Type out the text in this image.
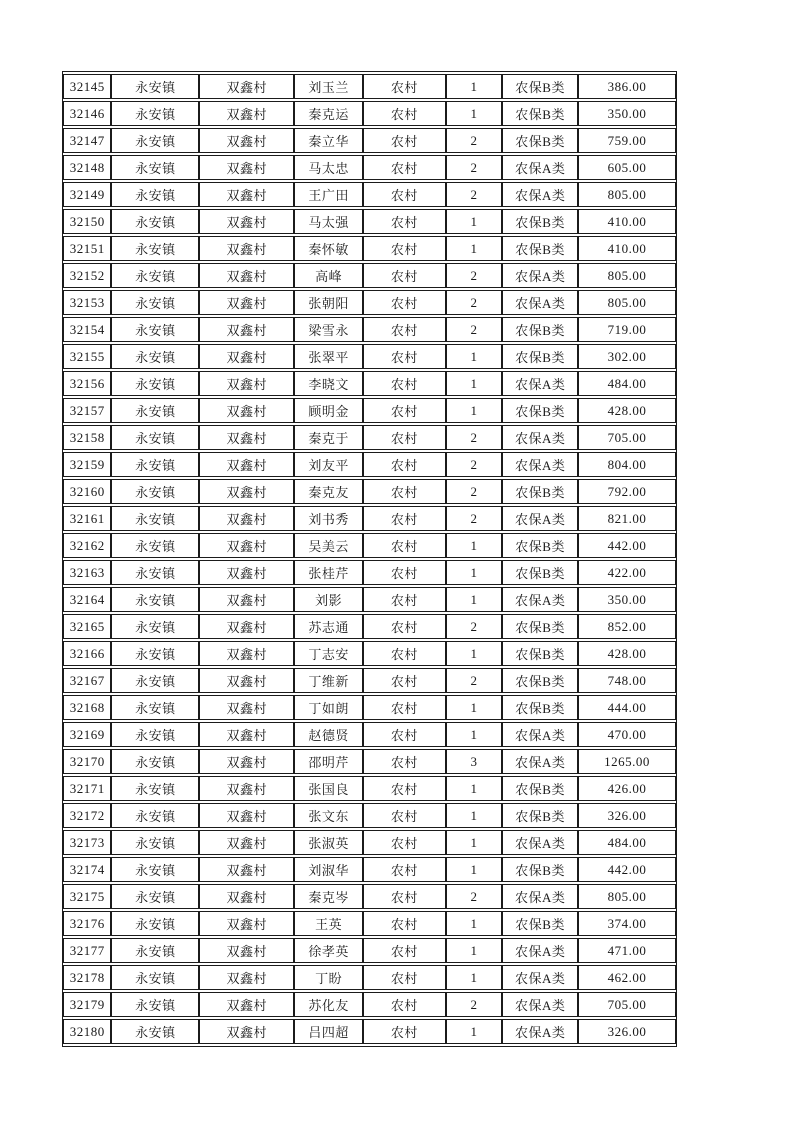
32145	永安镇	双鑫村	刘玉兰	农村	1	农保B类	386.00
32146	永安镇	双鑫村	秦克运	农村	1	农保B类	350.00
32147	永安镇	双鑫村	秦立华	农村	2	农保B类	759.00
32148	永安镇	双鑫村	马太忠	农村	2	农保A类	605.00
32149	永安镇	双鑫村	王广田	农村	2	农保A类	805.00
32150	永安镇	双鑫村	马太强	农村	1	农保B类	410.00
32151	永安镇	双鑫村	秦怀敏	农村	1	农保B类	410.00
32152	永安镇	双鑫村	高峰	农村	2	农保A类	805.00
32153	永安镇	双鑫村	张朝阳	农村	2	农保A类	805.00
32154	永安镇	双鑫村	梁雪永	农村	2	农保B类	719.00
32155	永安镇	双鑫村	张翠平	农村	1	农保B类	302.00
32156	永安镇	双鑫村	李晓文	农村	1	农保A类	484.00
32157	永安镇	双鑫村	顾明金	农村	1	农保B类	428.00
32158	永安镇	双鑫村	秦克于	农村	2	农保A类	705.00
32159	永安镇	双鑫村	刘友平	农村	2	农保A类	804.00
32160	永安镇	双鑫村	秦克友	农村	2	农保B类	792.00
32161	永安镇	双鑫村	刘书秀	农村	2	农保A类	821.00
32162	永安镇	双鑫村	吴美云	农村	1	农保B类	442.00
32163	永安镇	双鑫村	张桂芹	农村	1	农保B类	422.00
32164	永安镇	双鑫村	刘影	农村	1	农保A类	350.00
32165	永安镇	双鑫村	苏志通	农村	2	农保B类	852.00
32166	永安镇	双鑫村	丁志安	农村	1	农保B类	428.00
32167	永安镇	双鑫村	丁维新	农村	2	农保B类	748.00
32168	永安镇	双鑫村	丁如朗	农村	1	农保B类	444.00
32169	永安镇	双鑫村	赵德贤	农村	1	农保A类	470.00
32170	永安镇	双鑫村	邵明芹	农村	3	农保A类	1265.00
32171	永安镇	双鑫村	张国良	农村	1	农保B类	426.00
32172	永安镇	双鑫村	张文东	农村	1	农保B类	326.00
32173	永安镇	双鑫村	张淑英	农村	1	农保A类	484.00
32174	永安镇	双鑫村	刘淑华	农村	1	农保B类	442.00
32175	永安镇	双鑫村	秦克岑	农村	2	农保A类	805.00
32176	永安镇	双鑫村	王英	农村	1	农保B类	374.00
32177	永安镇	双鑫村	徐孝英	农村	1	农保A类	471.00
32178	永安镇	双鑫村	丁盼	农村	1	农保A类	462.00
32179	永安镇	双鑫村	苏化友	农村	2	农保A类	705.00
32180	永安镇	双鑫村	吕四超	农村	1	农保A类	326.00
